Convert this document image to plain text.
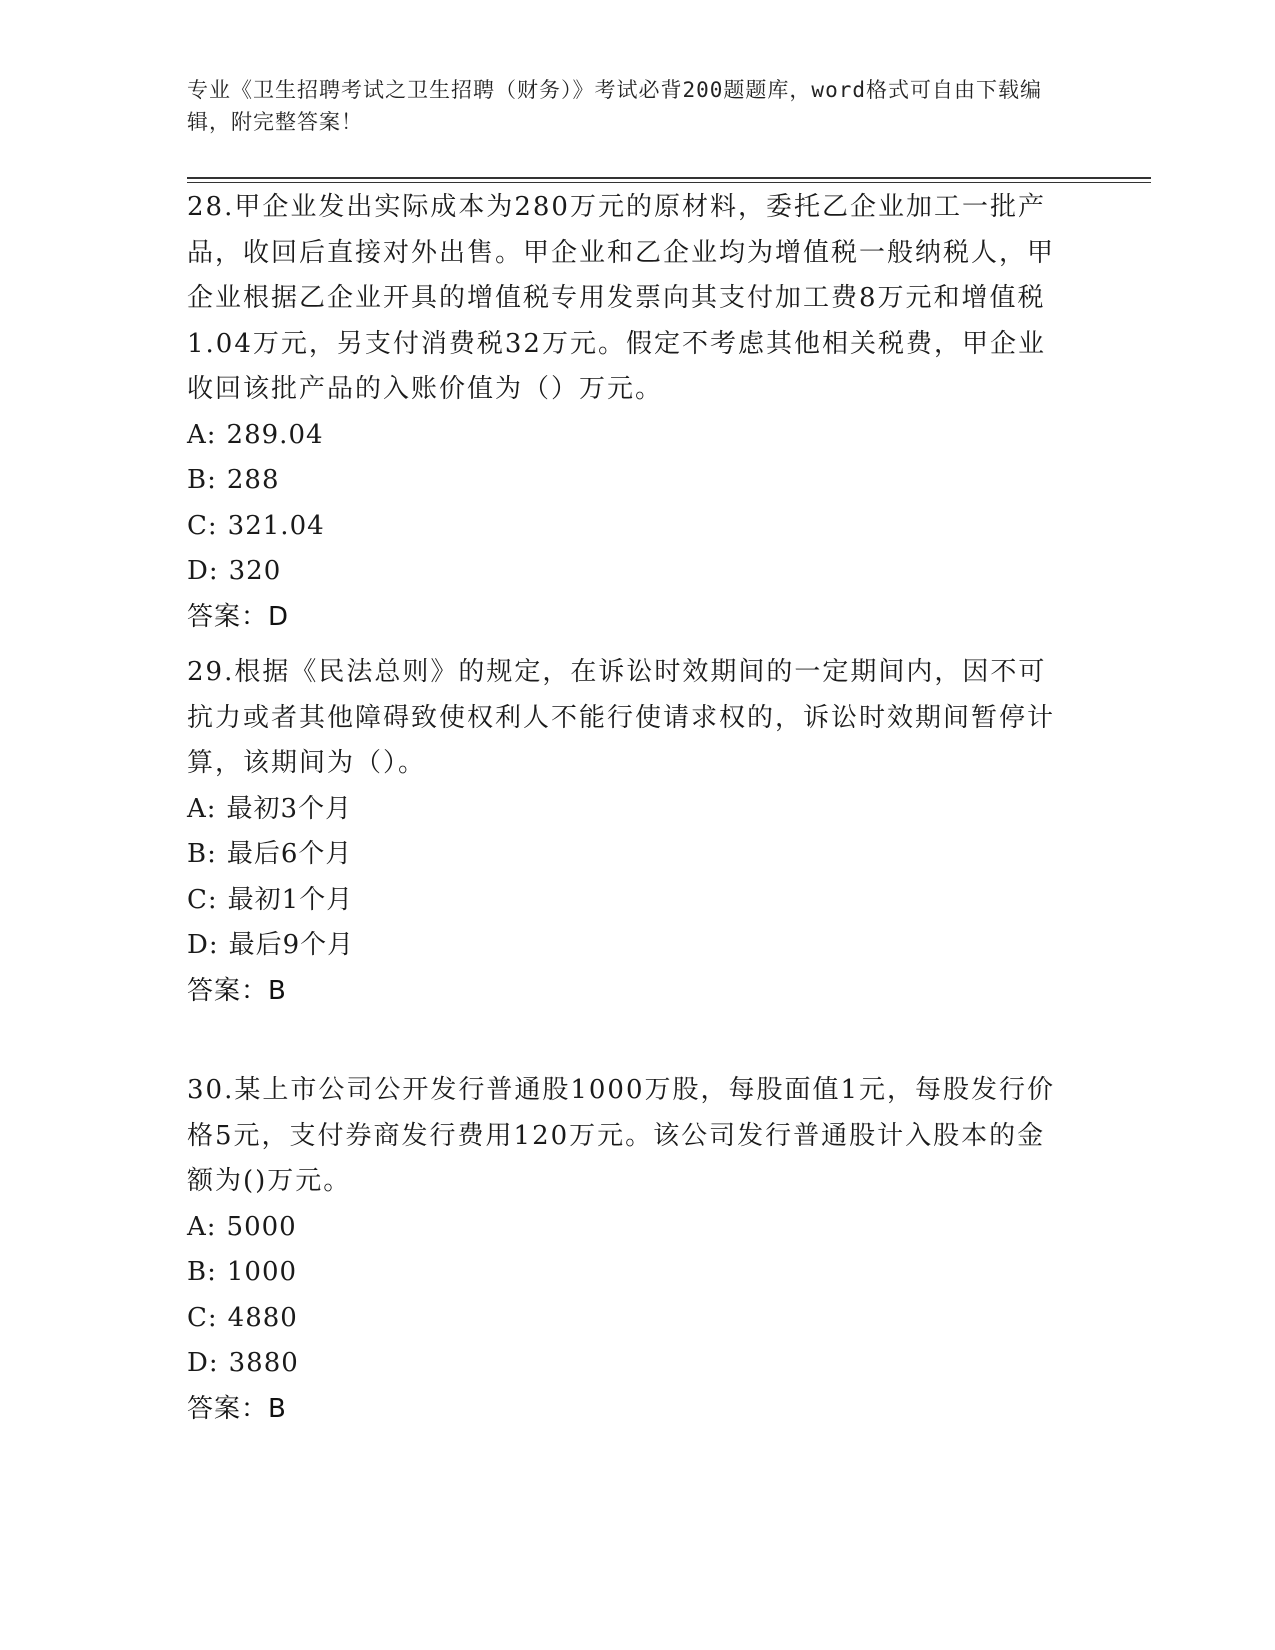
专业《卫生招聘考试之卫生招聘（财务）》考试必背200题题库，word格式可自由下载编辑，附完整答案！

28.甲企业发出实际成本为280万元的原材料，委托乙企业加工一批产品，收回后直接对外出售。甲企业和乙企业均为增值税一般纳税人，甲企业根据乙企业开具的增值税专用发票向其支付加工费8万元和增值税1.04万元，另支付消费税32万元。假定不考虑其他相关税费，甲企业收回该批产品的入账价值为（）万元。

A: 289.04

B: 288

C: 321.04

D: 320

答案：D

29.根据《民法总则》的规定，在诉讼时效期间的一定期间内，因不可抗力或者其他障碍致使权利人不能行使请求权的，诉讼时效期间暂停计算，该期间为（）。

A: 最初3个月

B: 最后6个月

C: 最初1个月

D: 最后9个月

答案：B

30.某上市公司公开发行普通股1000万股，每股面值1元，每股发行价格5元，支付券商发行费用120万元。该公司发行普通股计入股本的金额为()万元。

A: 5000

B: 1000

C: 4880

D: 3880

答案：B
